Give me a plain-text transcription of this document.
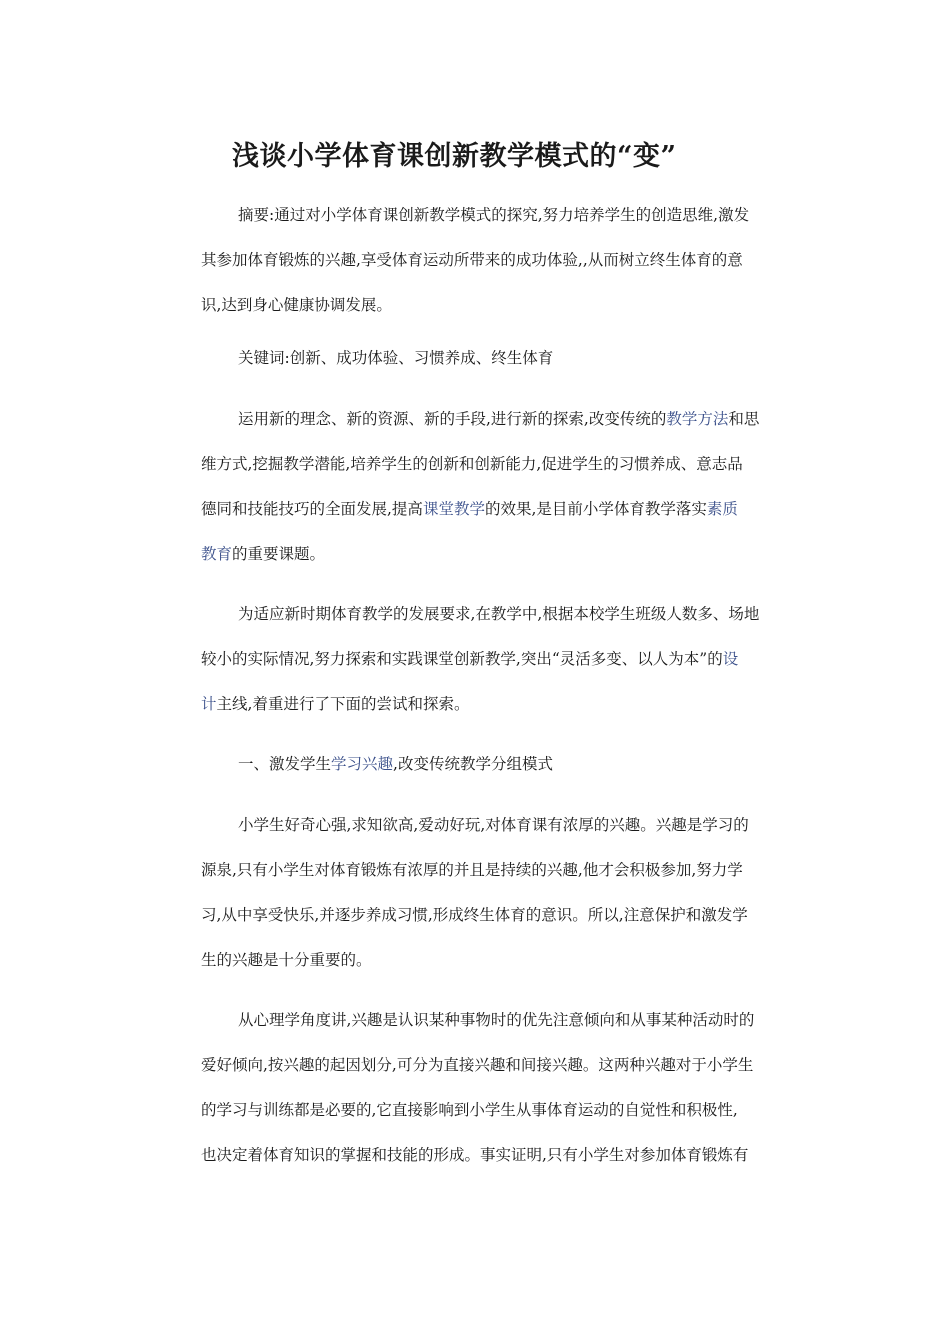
浅谈小学体育课创新教学模式的“变”
摘要:通过对小学体育课创新教学模式的探究,努力培养学生的创造思维,激发
其参加体育锻炼的兴趣,享受体育运动所带来的成功体验,,从而树立终生体育的意
识,达到身心健康协调发展。
关键词:创新、成功体验、习惯养成、终生体育
运用新的理念、新的资源、新的手段,进行新的探索,改变传统的教学方法和思
维方式,挖掘教学潜能,培养学生的创新和创新能力,促进学生的习惯养成、意志品
德同和技能技巧的全面发展,提高课堂教学的效果,是目前小学体育教学落实素质
教育的重要课题。
为适应新时期体育教学的发展要求,在教学中,根据本校学生班级人数多、场地
较小的实际情况,努力探索和实践课堂创新教学,突出“灵活多变、以人为本”的设
计主线,着重进行了下面的尝试和探索。
一、激发学生学习兴趣,改变传统教学分组模式
小学生好奇心强,求知欲高,爱动好玩,对体育课有浓厚的兴趣。兴趣是学习的
源泉,只有小学生对体育锻炼有浓厚的并且是持续的兴趣,他才会积极参加,努力学
习,从中享受快乐,并逐步养成习惯,形成终生体育的意识。所以,注意保护和激发学
生的兴趣是十分重要的。
从心理学角度讲,兴趣是认识某种事物时的优先注意倾向和从事某种活动时的
爱好倾向,按兴趣的起因划分,可分为直接兴趣和间接兴趣。这两种兴趣对于小学生
的学习与训练都是必要的,它直接影响到小学生从事体育运动的自觉性和积极性,
也决定着体育知识的掌握和技能的形成。事实证明,只有小学生对参加体育锻炼有
